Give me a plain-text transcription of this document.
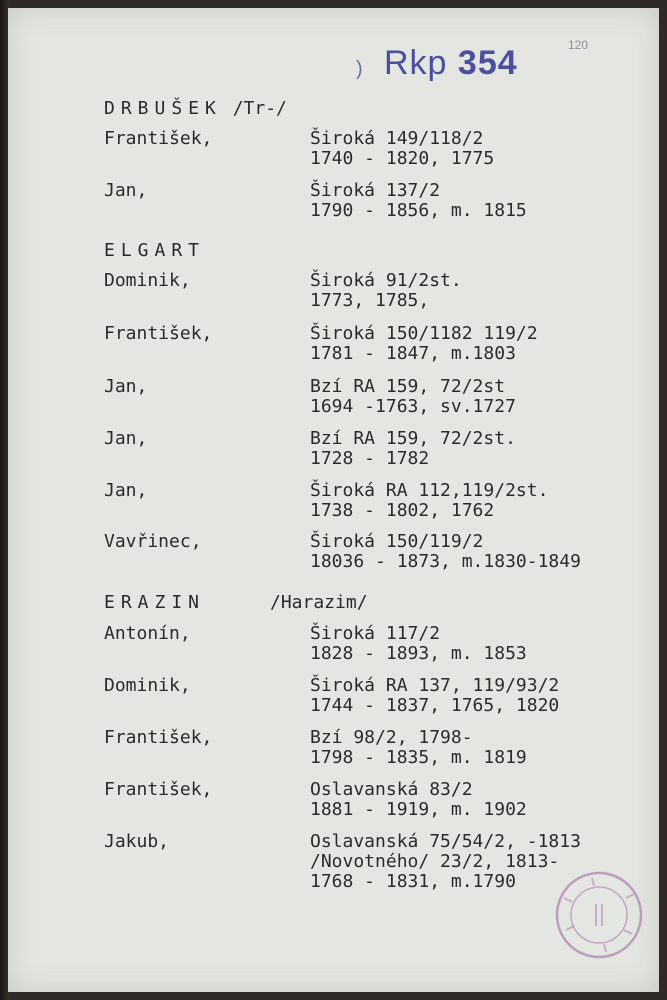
) Rkp 354	120
DRBUŠEK /Tr-/
František,	Široká 149/118/2
1740 - 1820, 1775
Jan,	Široká 137/2
1790 - 1856, m. 1815
ELGART
Dominik,	Široká 91/2st.
1773, 1785,
František,	Široká 150/1182 119/2
1781 - 1847, m.1803
Jan,	Bzí RA 159, 72/2st
1694 -1763, sv.1727
Jan,	Bzí RA 159, 72/2st.
1728 - 1782
Jan,	Široká RA 112,119/2st.
1738 - 1802, 1762
Vavřinec,	Široká 150/119/2
18036 - 1873, m.1830-1849
ERAZIN	/Harazim/
Antonín,	Široká 117/2
1828 - 1893, m. 1853
Dominik,	Široká RA 137, 119/93/2
1744 - 1837, 1765, 1820
František,	Bzí 98/2, 1798-
1798 - 1835, m. 1819
František,	Oslavanská 83/2
1881 - 1919, m. 1902
Jakub,	Oslavanská 75/54/2, -1813
/Novotného/ 23/2, 1813-
1768 - 1831, m.1790
